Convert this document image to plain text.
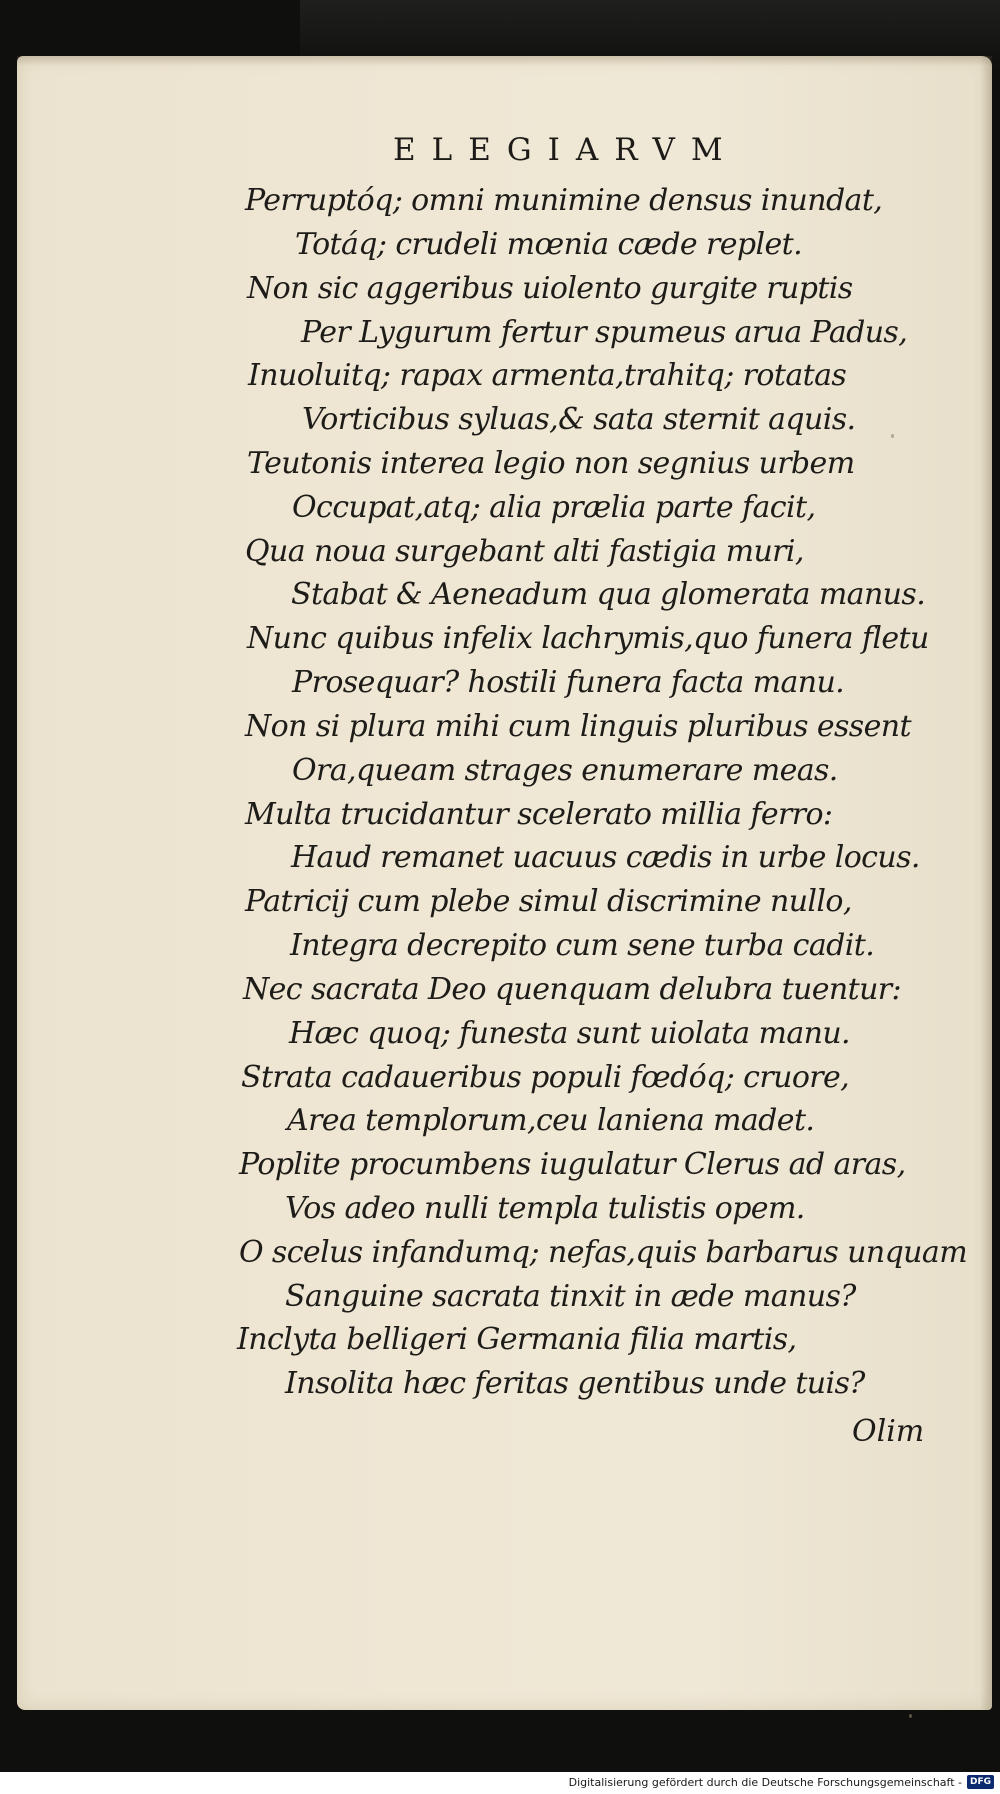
ELEGIARVM
Perruptóq; omni munimine densus inundat,
Totáq; crudeli mœnia cæde replet.
Non sic aggeribus uiolento gurgite ruptis
Per Lygurum fertur spumeus arua Padus,
Inuoluitq; rapax armenta,trahitq; rotatas
Vorticibus syluas,& sata sternit aquis.
Teutonis interea legio non segnius urbem
Occupat,atq; alia prælia parte facit,
Qua noua surgebant alti fastigia muri,
Stabat & Aeneadum qua glomerata manus.
Nunc quibus infelix lachrymis,quo funera fletu
Prosequar? hostili funera facta manu.
Non si plura mihi cum linguis pluribus essent
Ora,queam strages enumerare meas.
Multa trucidantur scelerato millia ferro:
Haud remanet uacuus cædis in urbe locus.
Patricij cum plebe simul discrimine nullo,
Integra decrepito cum sene turba cadit.
Nec sacrata Deo quenquam delubra tuentur:
Hæc quoq; funesta sunt uiolata manu.
Strata cadaueribus populi fœdóq; cruore,
Area templorum,ceu laniena madet.
Poplite procumbens iugulatur Clerus ad aras,
Vos adeo nulli templa tulistis opem.
O scelus infandumq; nefas,quis barbarus unquam
Sanguine sacrata tinxit in æde manus?
Inclyta belligeri Germania filia martis,
Insolita hæc feritas gentibus unde tuis?
Olim
Digitalisierung gefördert durch die Deutsche Forschungsgemeinschaft - DFG
